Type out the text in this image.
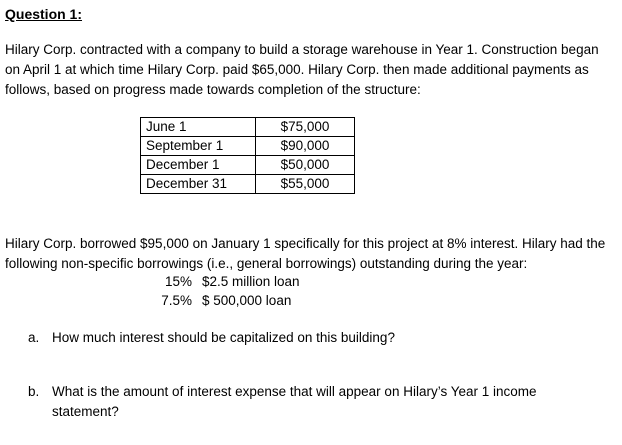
Question 1:
Hilary Corp. contracted with a company to build a storage warehouse in Year 1. Construction began on April 1 at which time Hilary Corp. paid $65,000. Hilary Corp. then made additional payments as follows, based on progress made towards completion of the structure:
June 1	$75,000
September 1	$90,000
December 1	$50,000
December 31	$55,000
Hilary Corp. borrowed $95,000 on January 1 specifically for this project at 8% interest. Hilary had the following non-specific borrowings (i.e., general borrowings) outstanding during the year:
15% $2.5 million loan
7.5% $ 500,000 loan
a. How much interest should be capitalized on this building?
b. What is the amount of interest expense that will appear on Hilary’s Year 1 income statement?
